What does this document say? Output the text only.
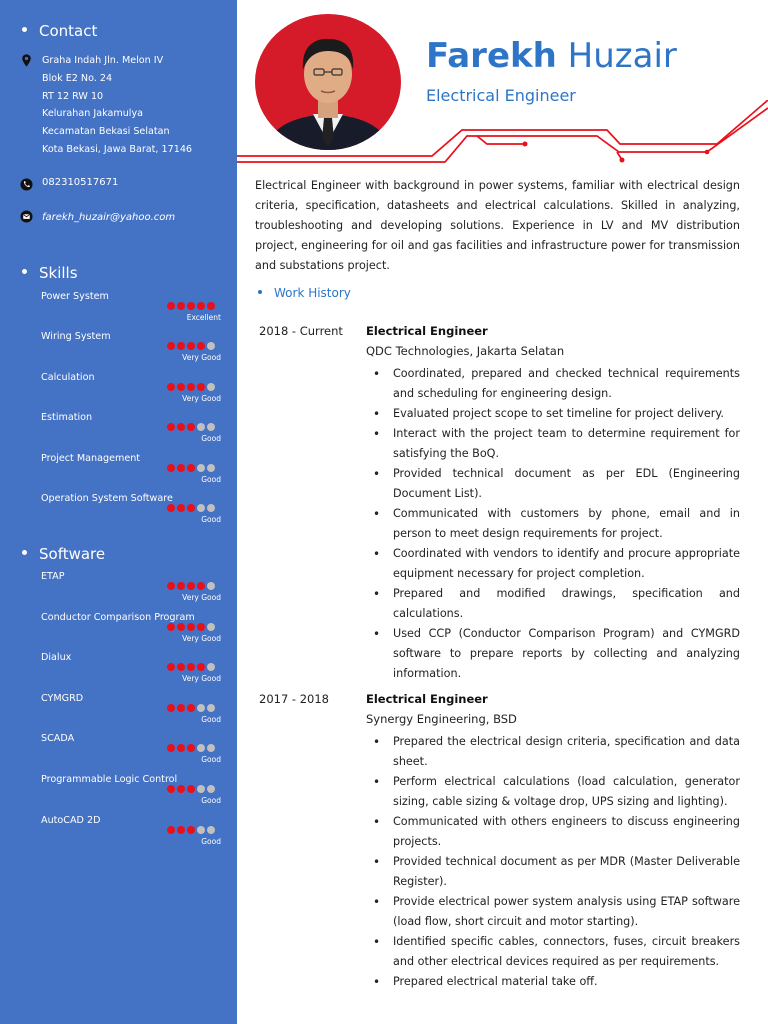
Contact
Graha Indah Jln. Melon IV
Blok E2 No. 24
RT 12 RW 10
Kelurahan Jakamulya
Kecamatan Bekasi Selatan
Kota Bekasi, Jawa Barat, 17146
082310517671
farekh_huzair@yahoo.com
Skills
Power System
Excellent
Wiring System
Very Good
Calculation
Very Good
Estimation
Good
Project Management
Good
Operation System Software
Good
Software
ETAP
Very Good
Conductor Comparison Program
Very Good
Dialux
Very Good
CYMGRD
Good
SCADA
Good
Programmable Logic Control
Good
AutoCAD 2D
Good
Farekh Huzair
Electrical Engineer
Electrical Engineer with background in power systems, familiar with electrical design criteria, specification, datasheets and electrical calculations. Skilled in analyzing, troubleshooting and developing solutions. Experience in LV and MV distribution project, engineering for oil and gas facilities and infrastructure power for transmission and substations project.
Work History
2018 - Current Electrical Engineer
QDC Technologies, Jakarta Selatan
• Coordinated, prepared and checked technical requirements and scheduling for engineering design.
• Evaluated project scope to set timeline for project delivery.
• Interact with the project team to determine requirement for satisfying the BoQ.
• Provided technical document as per EDL (Engineering Document List).
• Communicated with customers by phone, email and in person to meet design requirements for project.
• Coordinated with vendors to identify and procure appropriate equipment necessary for project completion.
• Prepared and modified drawings, specification and calculations.
• Used CCP (Conductor Comparison Program) and CYMGRD software to prepare reports by collecting and analyzing information.
2017 - 2018	Electrical Engineer
Synergy Engineering, BSD
• Prepared the electrical design criteria, specification and data sheet.
• Perform electrical calculations (load calculation, generator sizing, cable sizing & voltage drop, UPS sizing and lighting).
• Communicated with others engineers to discuss engineering projects.
• Provided technical document as per MDR (Master Deliverable Register).
• Provide electrical power system analysis using ETAP software (load flow, short circuit and motor starting).
• Identified specific cables, connectors, fuses, circuit breakers and other electrical devices required as per requirements.
• Prepared electrical material take off.
